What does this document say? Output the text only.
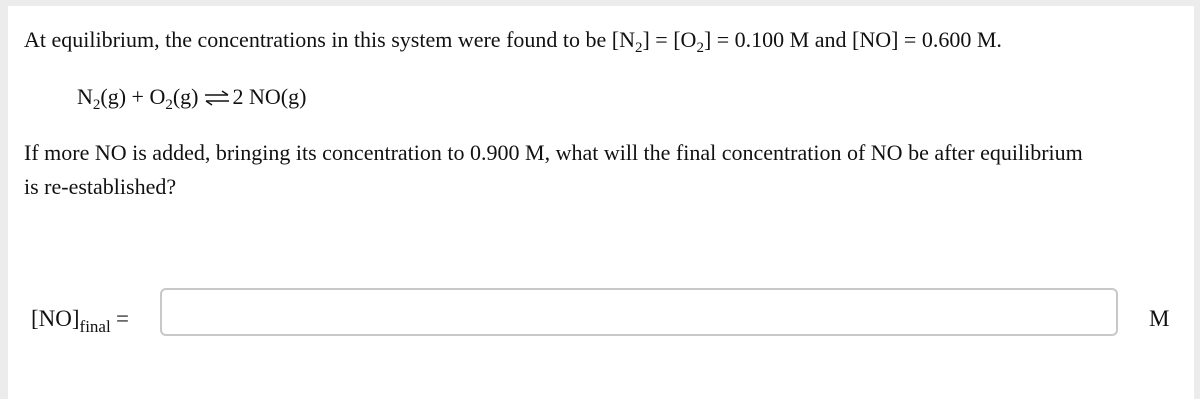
At equilibrium, the concentrations in this system were found to be $[N_2] = [O_2] = 0.100$ M and [NO] = 0.600 M.
$N_2(g) + O_2(g)$ ⇌ 2 NO(g)
If more NO is added, bringing its concentration to 0.900 M, what will the final concentration of NO be after equilibrium
is re-established?
$[NO]_{final}$ =	M
